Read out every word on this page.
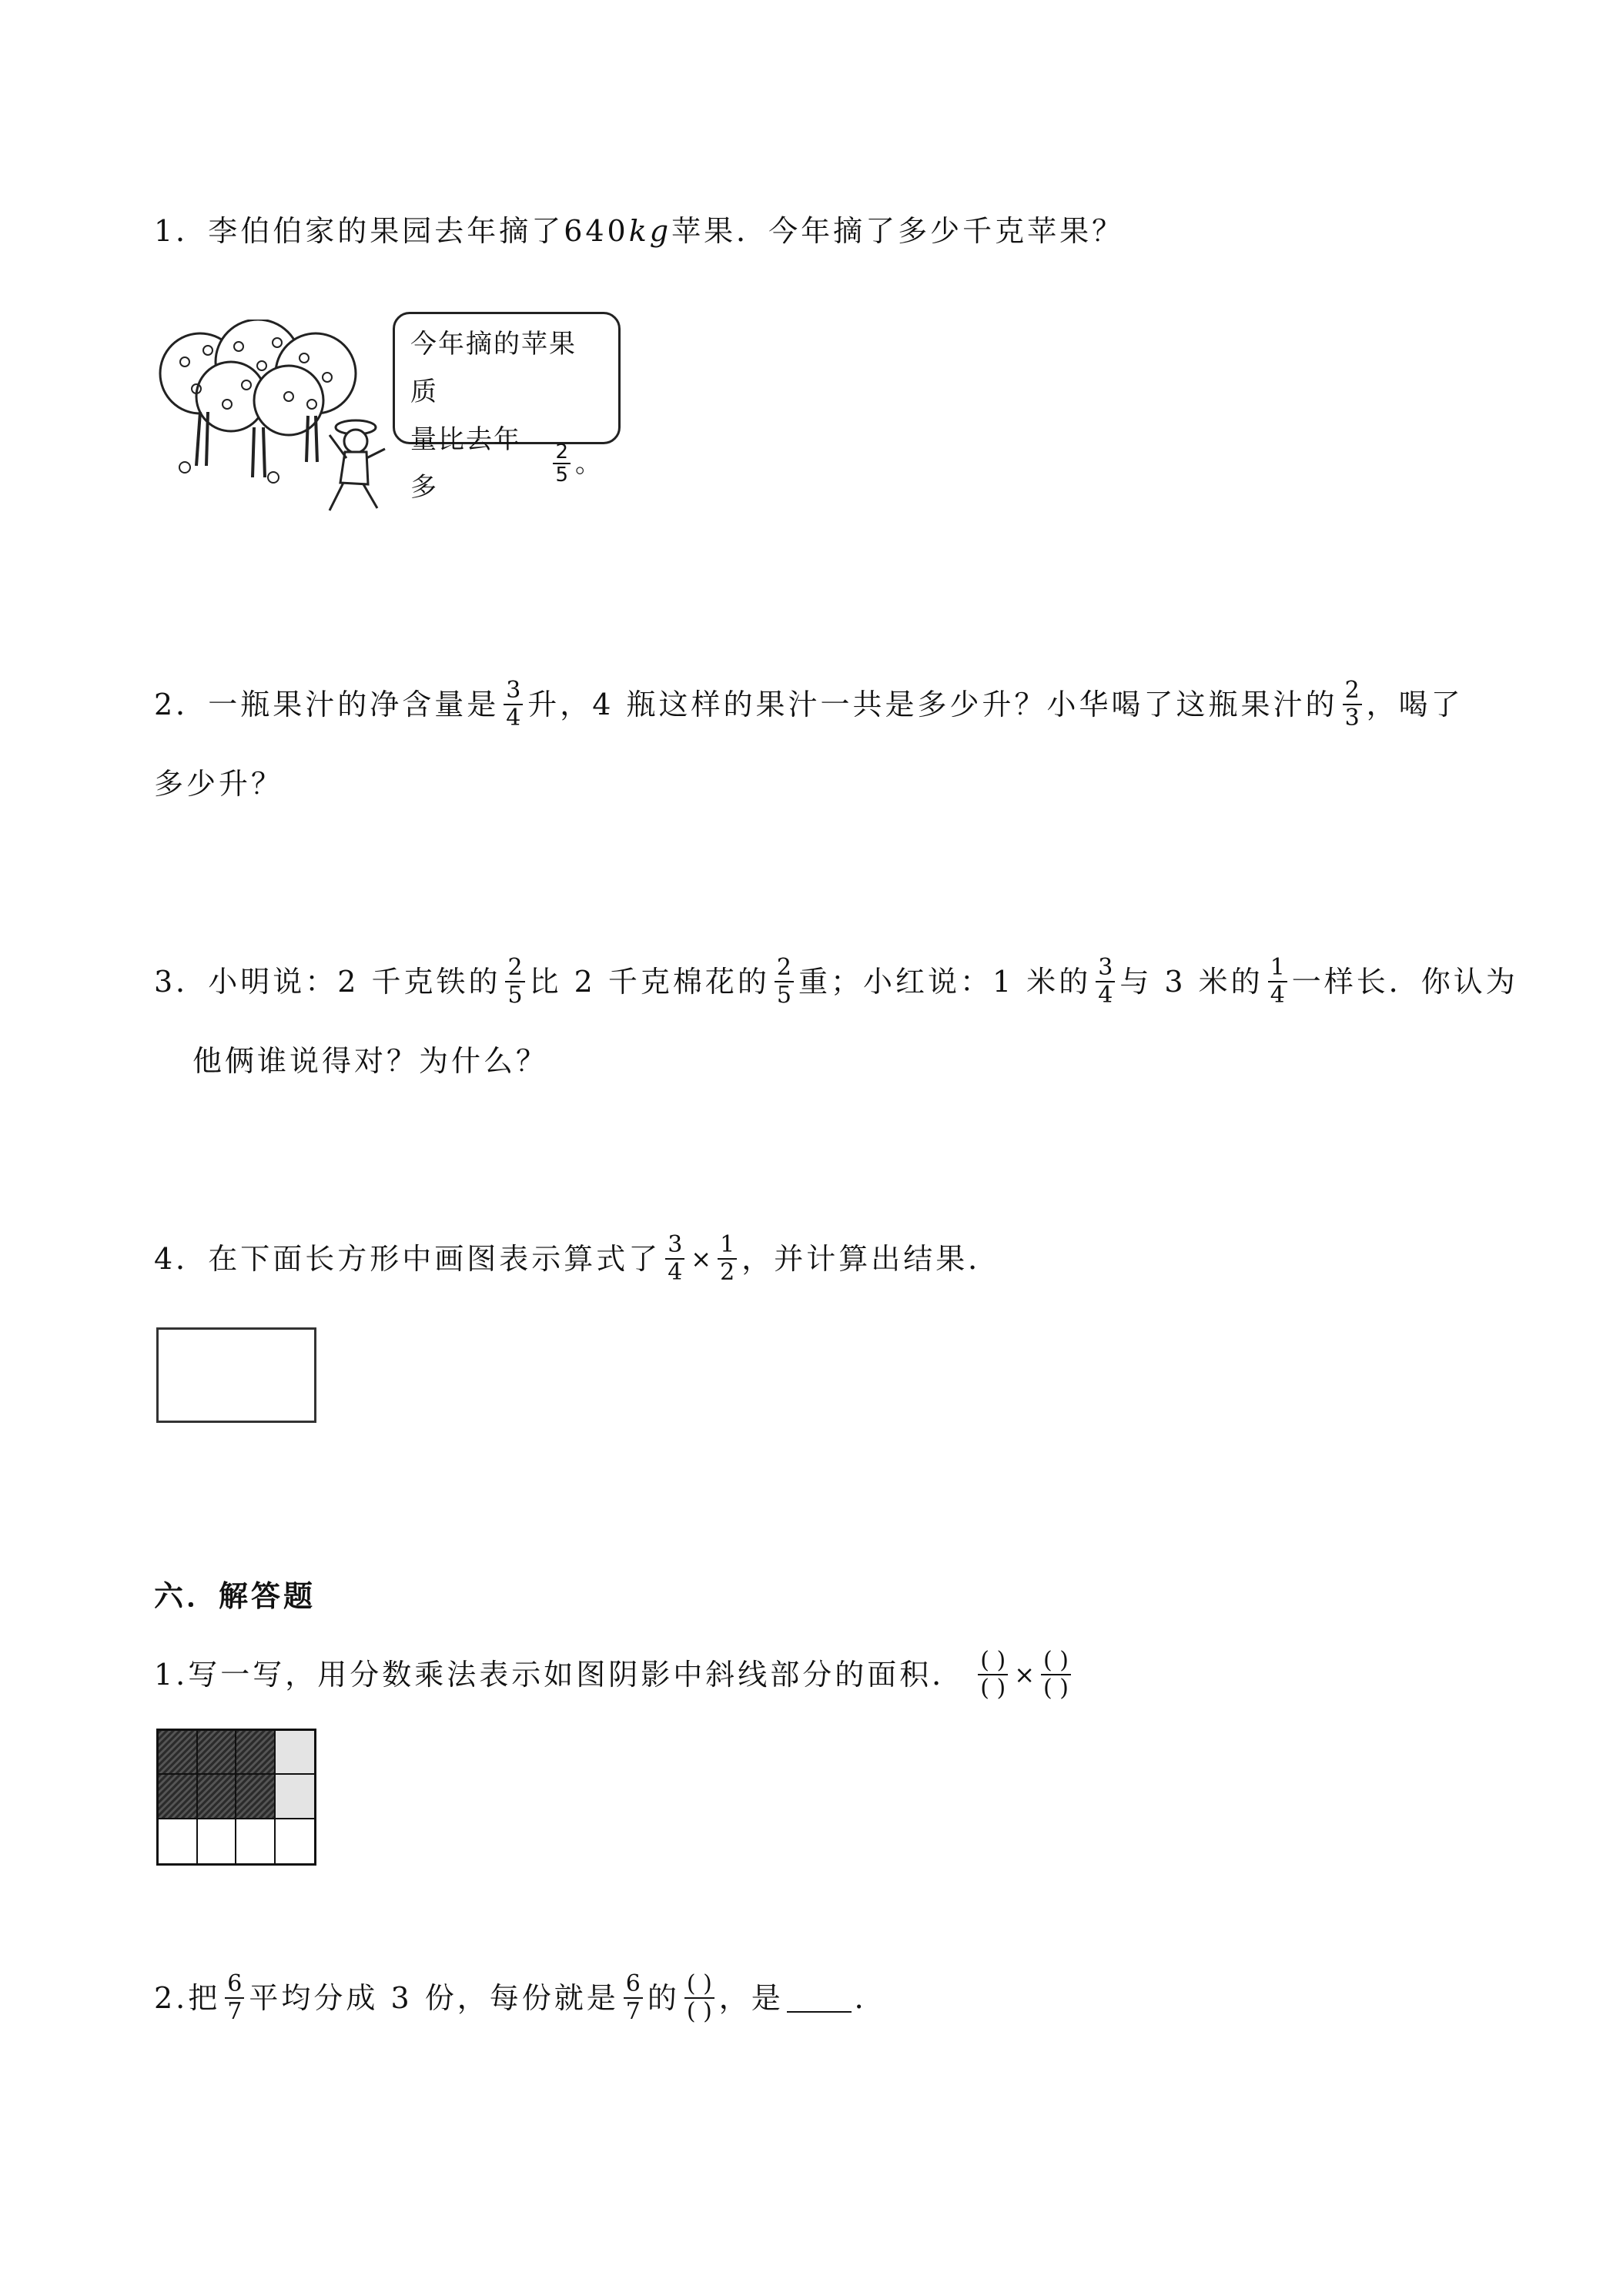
1． 李伯伯家的果园去年摘了 640 kg 苹果．今年摘了多少千克苹果？
今年摘的苹果质
量比去年多
$\frac{2}{5}$ 。
2． 一瓶果汁的净含量是 $\frac{3}{4}$ 升，4 瓶这样的果汁一共是多少升？小华喝了这瓶果汁的 $\frac{2}{3}$ ，喝了
多少升？
3． 小明说：2 千克铁的 $\frac{2}{5}$ 比 2 千克棉花的 $\frac{2}{5}$ 重；小红说：1 米的 $\frac{3}{4}$ 与 3 米的 $\frac{1}{4}$ 一样长．你认为
他俩谁说得对？为什么？
4． 在下面长方形中画图表示算式了 $\frac{3}{4} \times \frac{1}{2}$ ，并计算出结果．
六．解答题
1. 写一写，用分数乘法表示如图阴影中斜线部分的面积． $\frac{( )}{( )} \times \frac{( )}{( )}$
2. 把 $\frac{6}{7}$ 平均分成 3 份，每份就是 $\frac{6}{7}$ 的 $\frac{( )}{( )}$ ，是 ．
